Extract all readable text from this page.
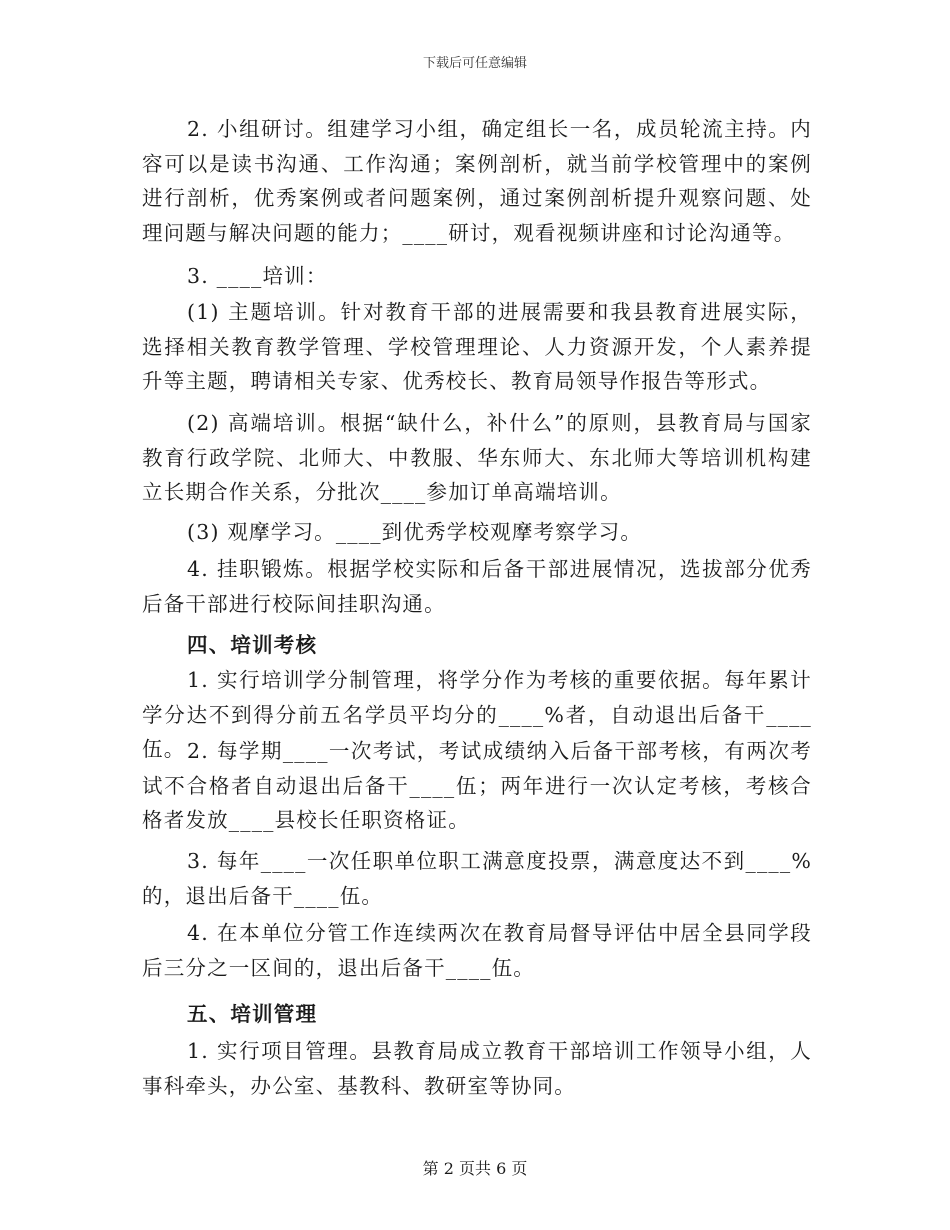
下载后可任意编辑

2. 小组研讨。组建学习小组，确定组长一名，成员轮流主持。内容可以是读书沟通、工作沟通；案例剖析，就当前学校管理中的案例进行剖析，优秀案例或者问题案例，通过案例剖析提升观察问题、处理问题与解决问题的能力；____研讨，观看视频讲座和讨论沟通等。

3. ____培训：

(1) 主题培训。针对教育干部的进展需要和我县教育进展实际，选择相关教育教学管理、学校管理理论、人力资源开发，个人素养提升等主题，聘请相关专家、优秀校长、教育局领导作报告等形式。

(2) 高端培训。根据“缺什么，补什么”的原则，县教育局与国家教育行政学院、北师大、中教服、华东师大、东北师大等培训机构建立长期合作关系，分批次____参加订单高端培训。

(3) 观摩学习。____到优秀学校观摩考察学习。

4. 挂职锻炼。根据学校实际和后备干部进展情况，选拔部分优秀后备干部进行校际间挂职沟通。

四、培训考核

1. 实行培训学分制管理，将学分作为考核的重要依据。每年累计学分达不到得分前五名学员平均分的____%者，自动退出后备干____伍。 2. 每学期____一次考试，考试成绩纳入后备干部考核，有两次考试不合格者自动退出后备干____伍；两年进行一次认定考核，考核合格者发放____县校长任职资格证。

3. 每年____一次任职单位职工满意度投票，满意度达不到____%的，退出后备干____伍。

4. 在本单位分管工作连续两次在教育局督导评估中居全县同学段后三分之一区间的，退出后备干____伍。

五、培训管理

1. 实行项目管理。县教育局成立教育干部培训工作领导小组，人事科牵头，办公室、基教科、教研室等协同。

第 2 页共 6 页
